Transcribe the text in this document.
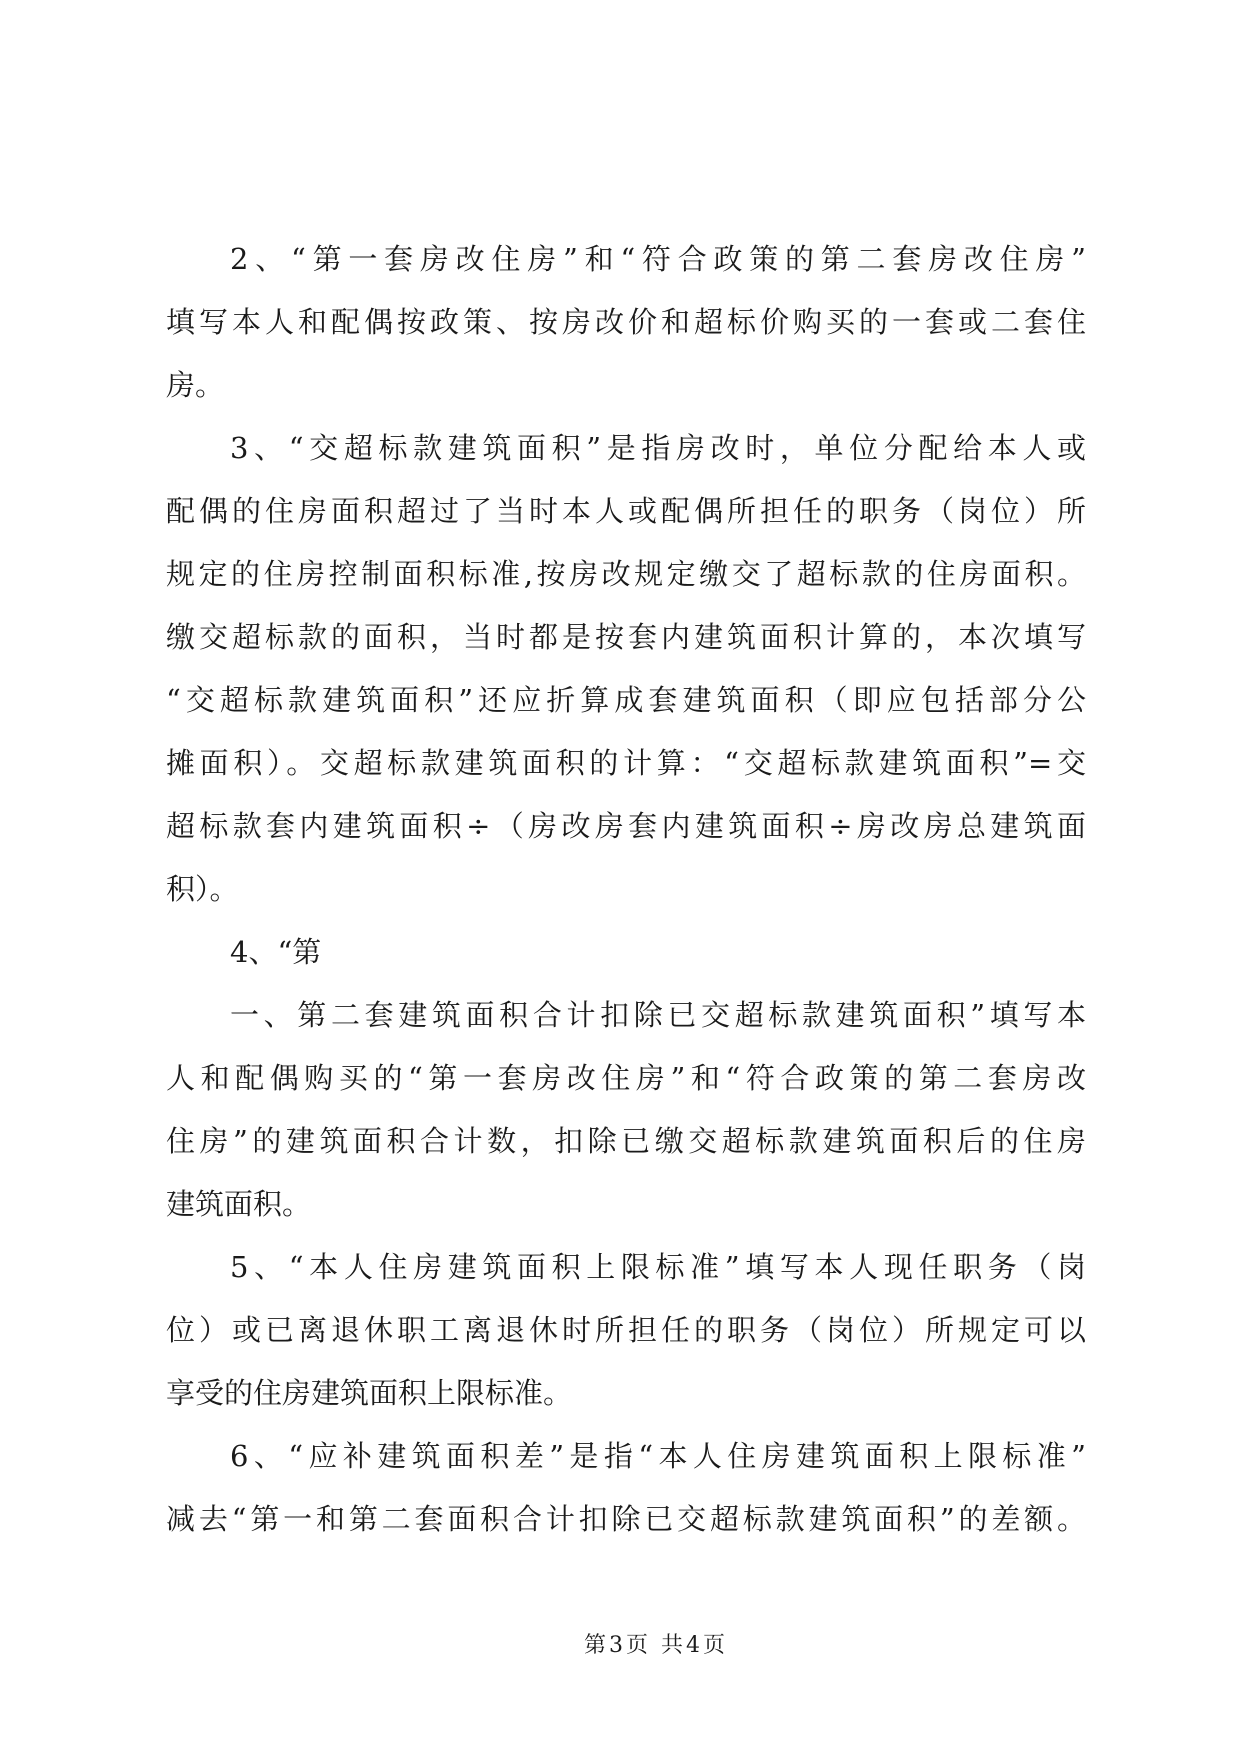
2、“第一套房改住房”和“符合政策的第二套房改住房”
填写本人和配偶按政策、按房改价和超标价购买的一套或二套住
房。
3、“交超标款建筑面积”是指房改时，单位分配给本人或
配偶的住房面积超过了当时本人或配偶所担任的职务（岗位）所
规定的住房控制面积标准,按房改规定缴交了超标款的住房面积。
缴交超标款的面积，当时都是按套内建筑面积计算的，本次填写
“交超标款建筑面积”还应折算成套建筑面积（即应包括部分公
摊面积）。交超标款建筑面积的计算：“交超标款建筑面积”=交
超标款套内建筑面积÷（房改房套内建筑面积÷房改房总建筑面
积）。
4、“第
一、第二套建筑面积合计扣除已交超标款建筑面积”填写本
人和配偶购买的“第一套房改住房”和“符合政策的第二套房改
住房”的建筑面积合计数，扣除已缴交超标款建筑面积后的住房
建筑面积。
5、“本人住房建筑面积上限标准”填写本人现任职务（岗
位）或已离退休职工离退休时所担任的职务（岗位）所规定可以
享受的住房建筑面积上限标准。
6、“应补建筑面积差”是指“本人住房建筑面积上限标准”
减去“第一和第二套面积合计扣除已交超标款建筑面积”的差额。
第3页 共4页
